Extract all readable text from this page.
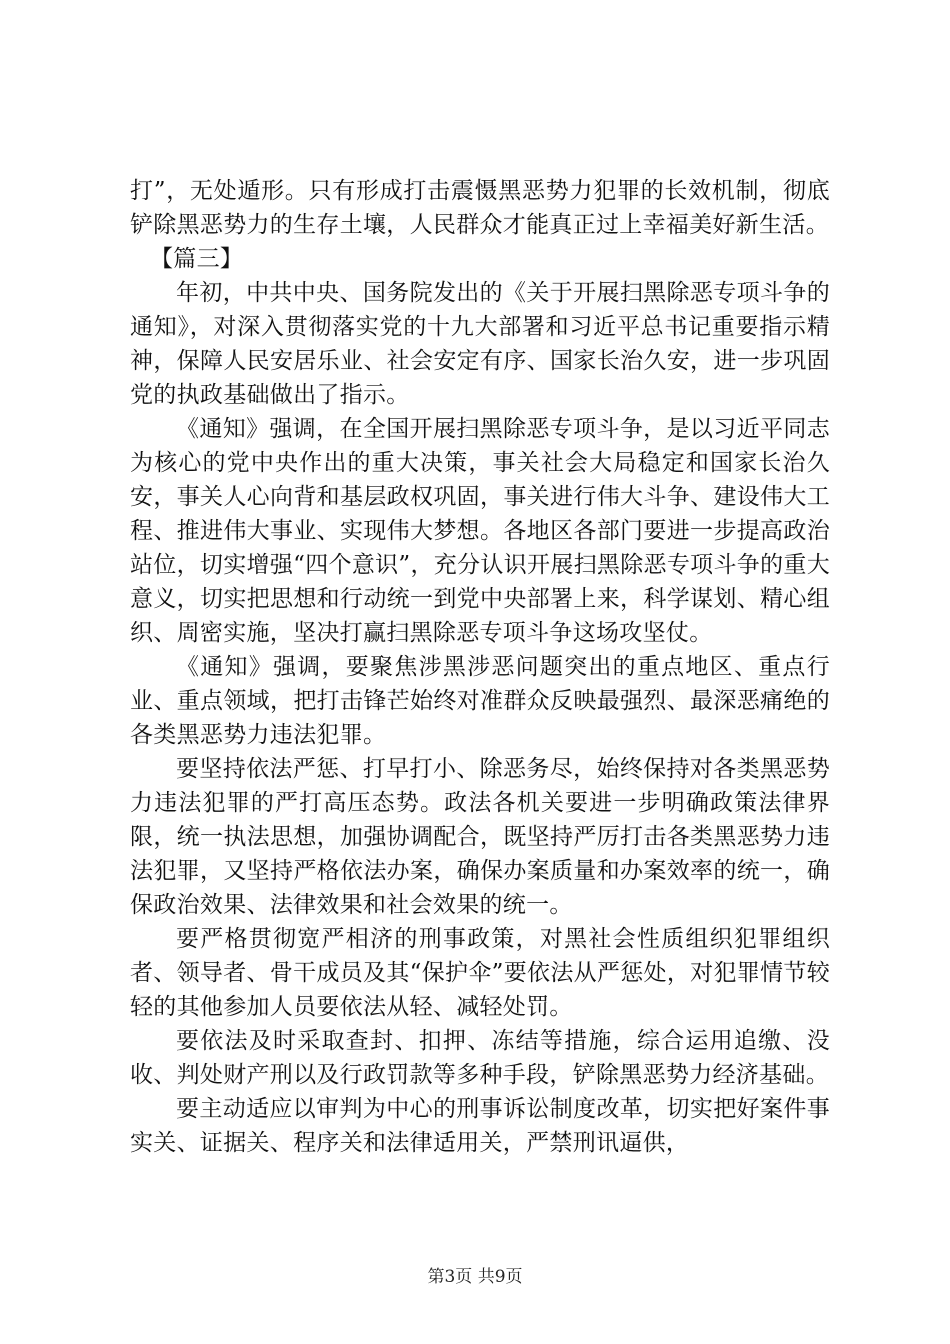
打”，无处遁形。只有形成打击震慑黑恶势力犯罪的长效机制，彻底铲除黑恶势力的生存土壤，人民群众才能真正过上幸福美好新生活。

【篇三】

年初，中共中央、国务院发出的《关于开展扫黑除恶专项斗争的通知》，对深入贯彻落实党的十九大部署和习近平总书记重要指示精神，保障人民安居乐业、社会安定有序、国家长治久安，进一步巩固党的执政基础做出了指示。

《通知》强调，在全国开展扫黑除恶专项斗争，是以习近平同志为核心的党中央作出的重大决策，事关社会大局稳定和国家长治久安，事关人心向背和基层政权巩固，事关进行伟大斗争、建设伟大工程、推进伟大事业、实现伟大梦想。各地区各部门要进一步提高政治站位，切实增强“四个意识”，充分认识开展扫黑除恶专项斗争的重大意义，切实把思想和行动统一到党中央部署上来，科学谋划、精心组织、周密实施，坚决打赢扫黑除恶专项斗争这场攻坚仗。

《通知》强调，要聚焦涉黑涉恶问题突出的重点地区、重点行业、重点领域，把打击锋芒始终对准群众反映最强烈、最深恶痛绝的各类黑恶势力违法犯罪。

要坚持依法严惩、打早打小、除恶务尽，始终保持对各类黑恶势力违法犯罪的严打高压态势。政法各机关要进一步明确政策法律界限，统一执法思想，加强协调配合，既坚持严厉打击各类黑恶势力违法犯罪，又坚持严格依法办案，确保办案质量和办案效率的统一，确保政治效果、法律效果和社会效果的统一。

要严格贯彻宽严相济的刑事政策，对黑社会性质组织犯罪组织者、领导者、骨干成员及其“保护伞”要依法从严惩处，对犯罪情节较轻的其他参加人员要依法从轻、减轻处罚。

要依法及时采取查封、扣押、冻结等措施，综合运用追缴、没收、判处财产刑以及行政罚款等多种手段，铲除黑恶势力经济基础。

要主动适应以审判为中心的刑事诉讼制度改革，切实把好案件事实关、证据关、程序关和法律适用关，严禁刑讯逼供，

第3页 共9页
